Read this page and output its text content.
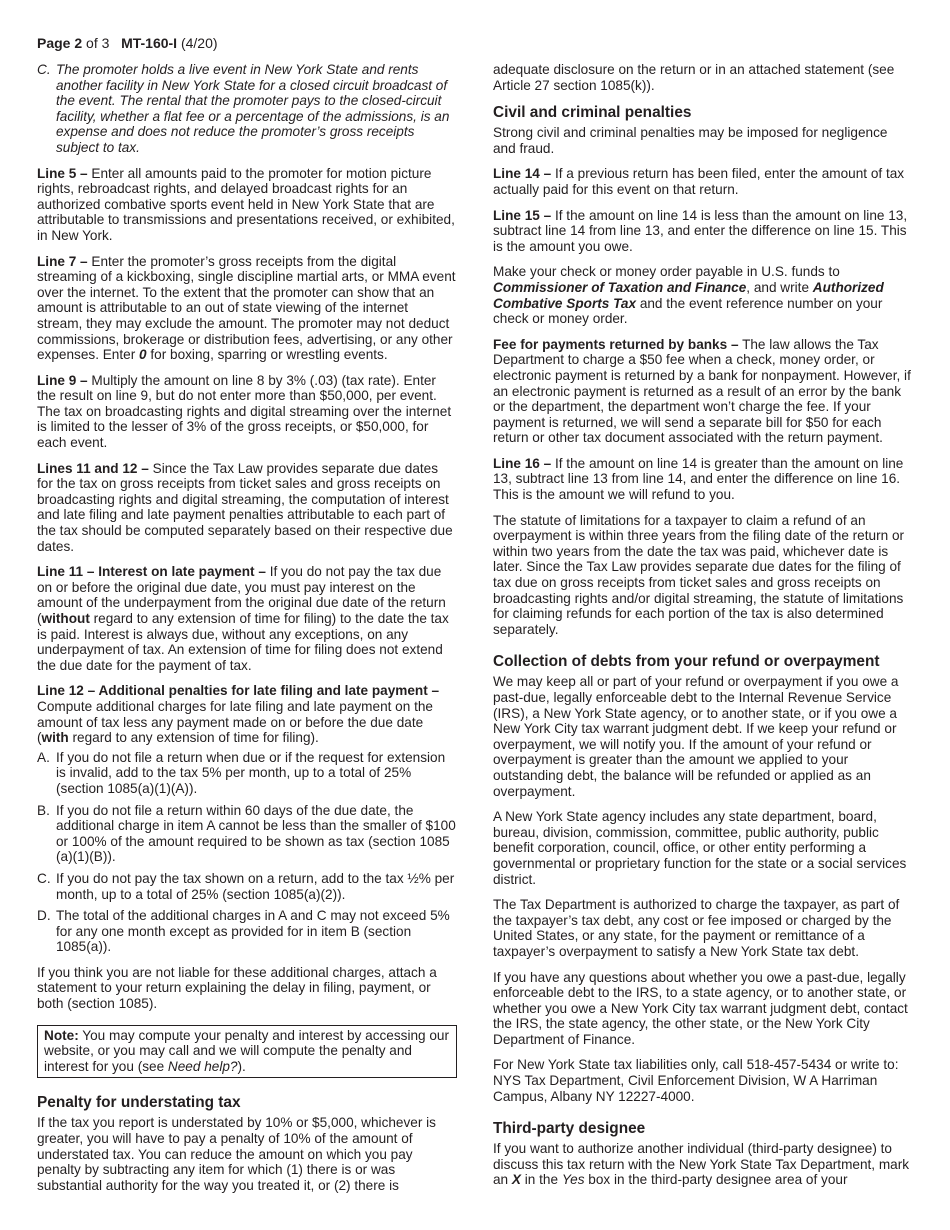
Page 2 of 3 MT-160-I (4/20)
C. The promoter holds a live event in New York State and rents another facility in New York State for a closed circuit broadcast of the event. The rental that the promoter pays to the closed-circuit facility, whether a flat fee or a percentage of the admissions, is an expense and does not reduce the promoter’s gross receipts subject to tax.

Line 5 – Enter all amounts paid to the promoter for motion picture rights, rebroadcast rights, and delayed broadcast rights for an authorized combative sports event held in New York State that are attributable to transmissions and presentations received, or exhibited, in New York.

Line 7 – Enter the promoter’s gross receipts from the digital streaming of a kickboxing, single discipline martial arts, or MMA event over the internet. To the extent that the promoter can show that an amount is attributable to an out of state viewing of the internet stream, they may exclude the amount. The promoter may not deduct commissions, brokerage or distribution fees, advertising, or any other expenses. Enter 0 for boxing, sparring or wrestling events.

Line 9 – Multiply the amount on line 8 by 3% (.03) (tax rate). Enter the result on line 9, but do not enter more than $50,000, per event. The tax on broadcasting rights and digital streaming over the internet is limited to the lesser of 3% of the gross receipts, or $50,000, for each event.

Lines 11 and 12 – Since the Tax Law provides separate due dates for the tax on gross receipts from ticket sales and gross receipts on broadcasting rights and digital streaming, the computation of interest and late filing and late payment penalties attributable to each part of the tax should be computed separately based on their respective due dates.

Line 11 – Interest on late payment – If you do not pay the tax due on or before the original due date, you must pay interest on the amount of the underpayment from the original due date of the return (without regard to any extension of time for filing) to the date the tax is paid. Interest is always due, without any exceptions, on any underpayment of tax. An extension of time for filing does not extend the due date for the payment of tax.

Line 12 – Additional penalties for late filing and late payment – Compute additional charges for late filing and late payment on the amount of tax less any payment made on or before the due date (with regard to any extension of time for filing).

A. If you do not file a return when due or if the request for extension is invalid, add to the tax 5% per month, up to a total of 25% (section 1085(a)(1)(A)).
B. If you do not file a return within 60 days of the due date, the additional charge in item A cannot be less than the smaller of $100 or 100% of the amount required to be shown as tax (section 1085 (a)(1)(B)).
C. If you do not pay the tax shown on a return, add to the tax ½% per month, up to a total of 25% (section 1085(a)(2)).
D. The total of the additional charges in A and C may not exceed 5% for any one month except as provided for in item B (section 1085(a)).

If you think you are not liable for these additional charges, attach a statement to your return explaining the delay in filing, payment, or both (section 1085).

Note: You may compute your penalty and interest by accessing our website, or you may call and we will compute the penalty and interest for you (see Need help?).

Penalty for understating tax

If the tax you report is understated by 10% or $5,000, whichever is greater, you will have to pay a penalty of 10% of the amount of understated tax. You can reduce the amount on which you pay penalty by subtracting any item for which (1) there is or was substantial authority for the way you treated it, or (2) there is

adequate disclosure on the return or in an attached statement (see Article 27 section 1085(k)).

Civil and criminal penalties

Strong civil and criminal penalties may be imposed for negligence and fraud.

Line 14 – If a previous return has been filed, enter the amount of tax actually paid for this event on that return.

Line 15 – If the amount on line 14 is less than the amount on line 13, subtract line 14 from line 13, and enter the difference on line 15. This is the amount you owe.

Make your check or money order payable in U.S. funds to Commissioner of Taxation and Finance, and write Authorized Combative Sports Tax and the event reference number on your check or money order.

Fee for payments returned by banks – The law allows the Tax Department to charge a $50 fee when a check, money order, or electronic payment is returned by a bank for nonpayment. However, if an electronic payment is returned as a result of an error by the bank or the department, the department won’t charge the fee. If your payment is returned, we will send a separate bill for $50 for each return or other tax document associated with the return payment.

Line 16 – If the amount on line 14 is greater than the amount on line 13, subtract line 13 from line 14, and enter the difference on line 16. This is the amount we will refund to you.

The statute of limitations for a taxpayer to claim a refund of an overpayment is within three years from the filing date of the return or within two years from the date the tax was paid, whichever date is later. Since the Tax Law provides separate due dates for the filing of tax due on gross receipts from ticket sales and gross receipts on broadcasting rights and/or digital streaming, the statute of limitations for claiming refunds for each portion of the tax is also determined separately.

Collection of debts from your refund or overpayment

We may keep all or part of your refund or overpayment if you owe a past-due, legally enforceable debt to the Internal Revenue Service (IRS), a New York State agency, or to another state, or if you owe a New York City tax warrant judgment debt. If we keep your refund or overpayment, we will notify you. If the amount of your refund or overpayment is greater than the amount we applied to your outstanding debt, the balance will be refunded or applied as an overpayment.

A New York State agency includes any state department, board, bureau, division, commission, committee, public authority, public benefit corporation, council, office, or other entity performing a governmental or proprietary function for the state or a social services district.

The Tax Department is authorized to charge the taxpayer, as part of the taxpayer’s tax debt, any cost or fee imposed or charged by the United States, or any state, for the payment or remittance of a taxpayer’s overpayment to satisfy a New York State tax debt.

If you have any questions about whether you owe a past-due, legally enforceable debt to the IRS, to a state agency, or to another state, or whether you owe a New York City tax warrant judgment debt, contact the IRS, the state agency, the other state, or the New York City Department of Finance.

For New York State tax liabilities only, call 518-457-5434 or write to: NYS Tax Department, Civil Enforcement Division, W A Harriman Campus, Albany NY 12227-4000.

Third-party designee

If you want to authorize another individual (third-party designee) to discuss this tax return with the New York State Tax Department, mark an X in the Yes box in the third-party designee area of your
